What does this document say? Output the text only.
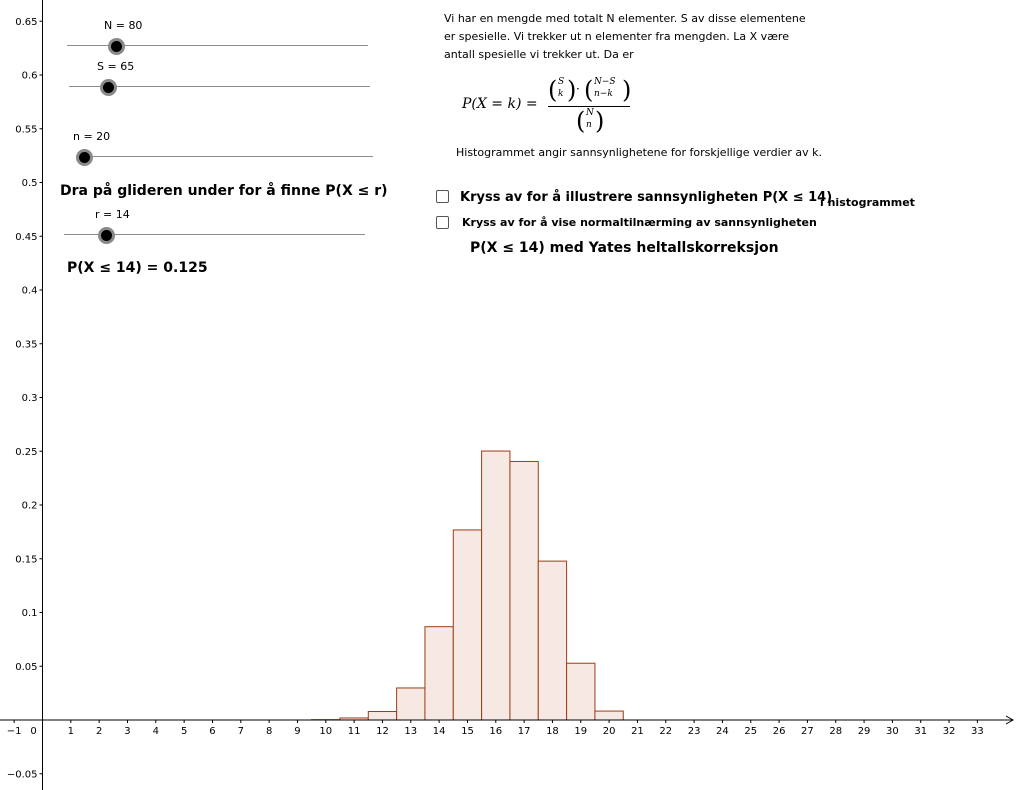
−1 0	1 2 3 4 5 6 7 8 9 10 11 12 13 14 15 16 17 18 19 20 21 22 23 24 25 26 27 28 29 30 31 32 33
−0.05
0.05
0.1
0.15
0.2
0.25
0.3
0.35
0.4
0.45
0.5
0.55
0.6
0.65	N = 80
S = 65
n = 20
Dra på glideren under for å finne P(X ≤ r)
r = 14
P(X ≤ 14) = 0.125
Vi har en mengde med totalt N elementer. S av disse elementene
er spesielle. Vi trekker ut n elementer fra mengden. La X være
antall spesielle vi trekker ut. Da er
P(X = k) = ( S
k ) · ( N−S
n−k )
( N
n )
Histogrammet angir sannsynlighetene for forskjellige verdier av k.
Kryss av for å illustrere sannsynligheten P(X ≤ 14)
i histogrammet
Kryss av for å vise normaltilnærming av sannsynligheten
P(X ≤ 14) med Yates heltallskorreksjon
